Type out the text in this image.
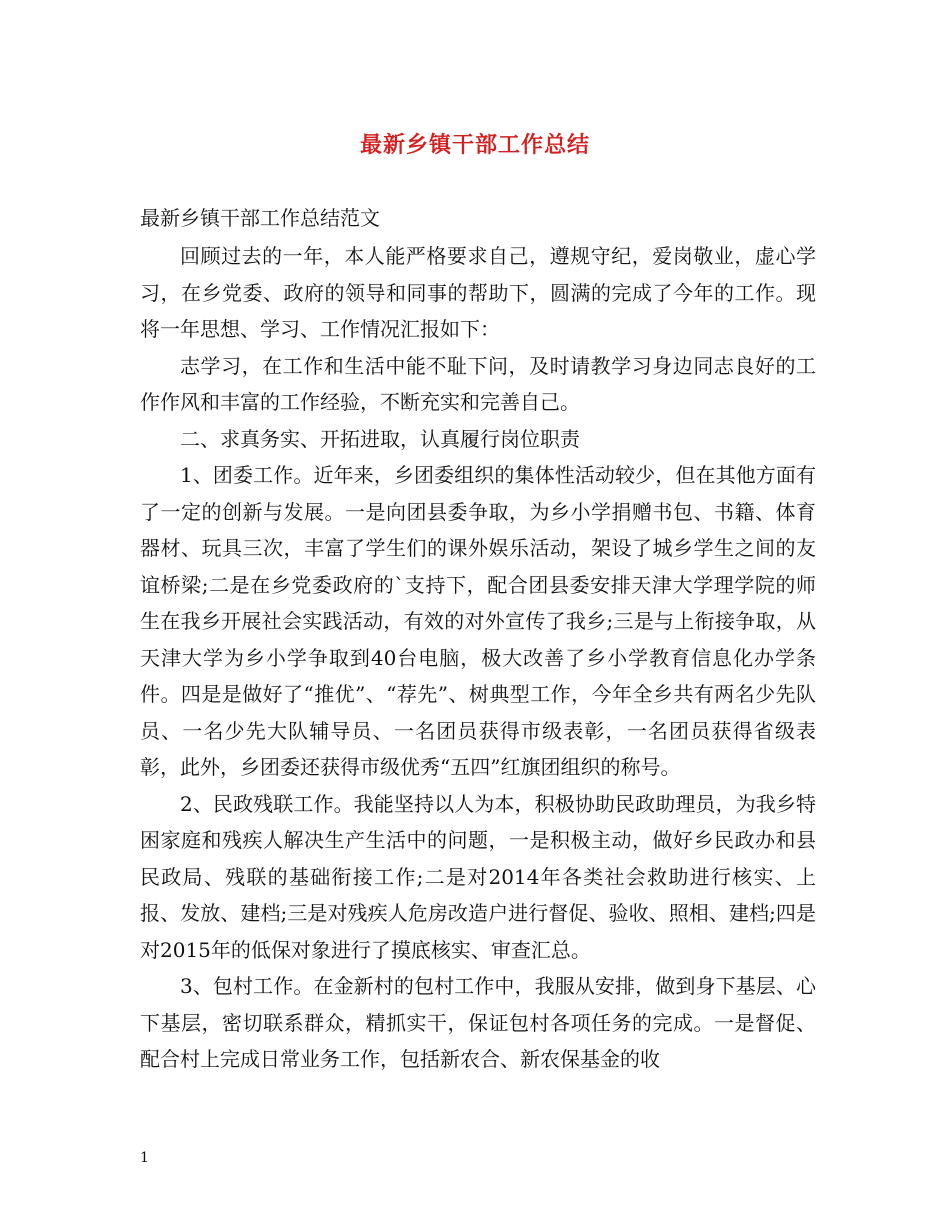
最新乡镇干部工作总结
最新乡镇干部工作总结范文

回顾过去的一年，本人能严格要求自己，遵规守纪，爱岗敬业，虚心学习，在乡党委、政府的领导和同事的帮助下，圆满的完成了今年的工作。现将一年思想、学习、工作情况汇报如下：

志学习，在工作和生活中能不耻下问，及时请教学习身边同志良好的工作作风和丰富的工作经验，不断充实和完善自己。

二、求真务实、开拓进取，认真履行岗位职责

1、团委工作。近年来，乡团委组织的集体性活动较少，但在其他方面有了一定的创新与发展。一是向团县委争取，为乡小学捐赠书包、书籍、体育器材、玩具三次，丰富了学生们的课外娱乐活动，架设了城乡学生之间的友谊桥梁;二是在乡党委政府的`支持下，配合团县委安排天津大学理学院的师生在我乡开展社会实践活动，有效的对外宣传了我乡;三是与上衔接争取，从天津大学为乡小学争取到40台电脑，极大改善了乡小学教育信息化办学条件。四是是做好了“推优”、“荐先”、树典型工作，今年全乡共有两名少先队员、一名少先大队辅导员、一名团员获得市级表彰，一名团员获得省级表彰，此外，乡团委还获得市级优秀“五四”红旗团组织的称号。

2、民政残联工作。我能坚持以人为本，积极协助民政助理员，为我乡特困家庭和残疾人解决生产生活中的问题，一是积极主动，做好乡民政办和县民政局、残联的基础衔接工作;二是对2014年各类社会救助进行核实、上报、发放、建档;三是对残疾人危房改造户进行督促、验收、照相、建档;四是对2015年的低保对象进行了摸底核实、审查汇总。

3、包村工作。在金新村的包村工作中，我服从安排，做到身下基层、心下基层，密切联系群众，精抓实干，保证包村各项任务的完成。一是督促、配合村上完成日常业务工作，包括新农合、新农保基金的收

1
